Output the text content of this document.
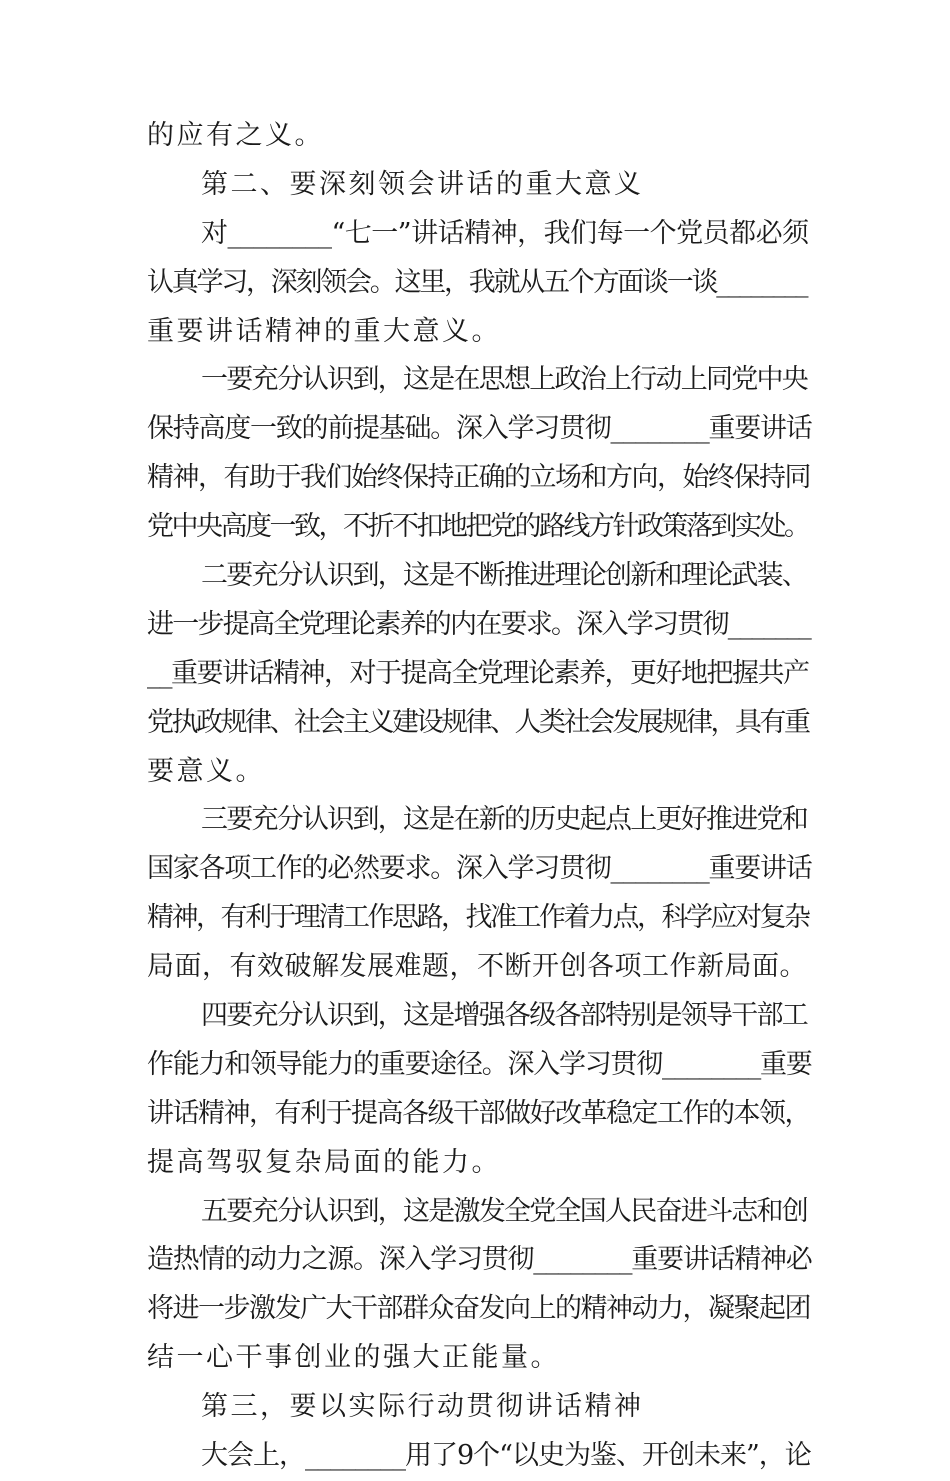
的应有之义。
第二、要深刻领会讲话的重大意义
对________“七一”讲话精神，我们每一个党员都必须
认真学习，深刻领会。这里，我就从五个方面谈一谈________
重要讲话精神的重大意义。
一要充分认识到，这是在思想上政治上行动上同党中央
保持高度一致的前提基础。深入学习贯彻________重要讲话
精神，有助于我们始终保持正确的立场和方向，始终保持同
党中央高度一致，不折不扣地把党的路线方针政策落到实处。
二要充分认识到，这是不断推进理论创新和理论武装、
进一步提高全党理论素养的内在要求。深入学习贯彻_______
__重要讲话精神，对于提高全党理论素养，更好地把握共产
党执政规律、社会主义建设规律、人类社会发展规律，具有重
要意义。
三要充分认识到，这是在新的历史起点上更好推进党和
国家各项工作的必然要求。深入学习贯彻________重要讲话
精神，有利于理清工作思路，找准工作着力点，科学应对复杂
局面，有效破解发展难题，不断开创各项工作新局面。
四要充分认识到，这是增强各级各部特别是领导干部工
作能力和领导能力的重要途径。深入学习贯彻________重要
讲话精神，有利于提高各级干部做好改革稳定工作的本领，
提高驾驭复杂局面的能力。
五要充分认识到，这是激发全党全国人民奋进斗志和创
造热情的动力之源。深入学习贯彻________重要讲话精神必
将进一步激发广大干部群众奋发向上的精神动力，凝聚起团
结一心干事创业的强大正能量。
第三，要以实际行动贯彻讲话精神
大会上，________用了9个“以史为鉴、开创未来”，论
